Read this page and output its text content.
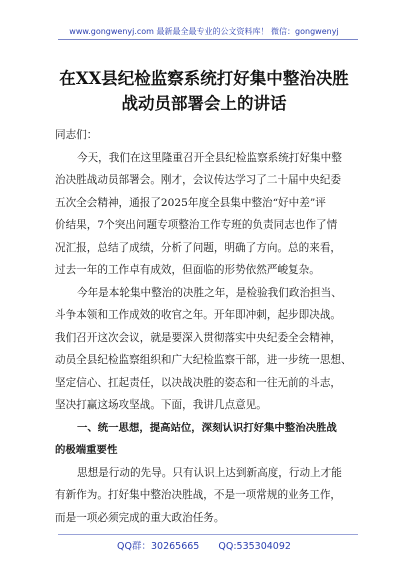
www.gongwenyj.com 最新最全最专业的公文资料库！ 微信：gongwenyj
在XX县纪检监察系统打好集中整治决胜
战动员部署会上的讲话
同志们：
今天，我们在这里隆重召开全县纪检监察系统打好集中整
治决胜战动员部署会。刚才，会议传达学习了二十届中央纪委
五次全会精神，通报了2025年度全县集中整治“好中差”评
价结果，7个突出问题专项整治工作专班的负责同志也作了情
况汇报，总结了成绩，分析了问题，明确了方向。总的来看，
过去一年的工作卓有成效，但面临的形势依然严峻复杂。
今年是本轮集中整治的决胜之年，是检验我们政治担当、
斗争本领和工作成效的收官之年。开年即冲刺，起步即决战。
我们召开这次会议，就是要深入贯彻落实中央纪委全会精神，
动员全县纪检监察组织和广大纪检监察干部，进一步统一思想、
坚定信心、扛起责任，以决战决胜的姿态和一往无前的斗志，
坚决打赢这场攻坚战。下面，我讲几点意见。
一、统一思想，提高站位，深刻认识打好集中整治决胜战
的极端重要性
思想是行动的先导。只有认识上达到新高度，行动上才能
有新作为。打好集中整治决胜战，不是一项常规的业务工作，
而是一项必须完成的重大政治任务。
QQ群：30265665 QQ:535304092
